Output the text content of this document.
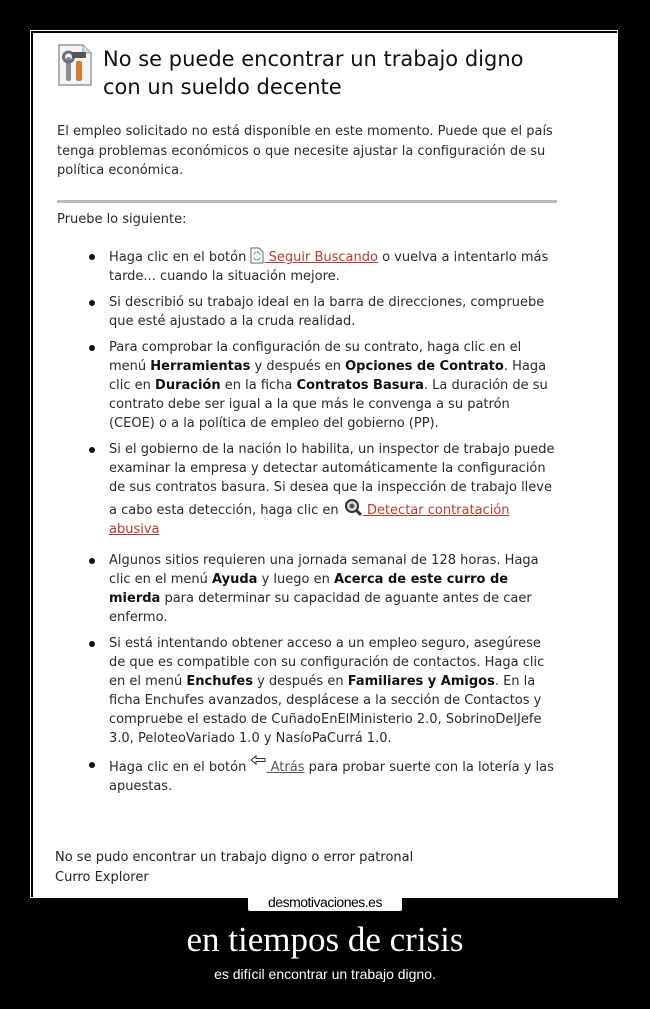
No se puede encontrar un trabajo digno con un sueldo decente
El empleo solicitado no está disponible en este momento. Puede que el país tenga problemas económicos o que necesite ajustar la configuración de su política económica.
Pruebe lo siguiente:
Haga clic en el botón  Seguir Buscando o vuelva a intentarlo más tarde... cuando la situación mejore.
Si describió su trabajo ideal en la barra de direcciones, compruebe que esté ajustado a la cruda realidad.
Para comprobar la configuración de su contrato, haga clic en el menú Herramientas y después en Opciones de Contrato. Haga clic en Duración en la ficha Contratos Basura. La duración de su contrato debe ser igual a la que más le convenga a su patrón (CEOE) o a la política de empleo del gobierno (PP).
Si el gobierno de la nación lo habilita, un inspector de trabajo puede examinar la empresa y detectar automáticamente la configuración de sus contratos basura. Si desea que la inspección de trabajo lleve a cabo esta detección, haga clic en  Detectar contratación abusiva
Algunos sitios requieren una jornada semanal de 128 horas. Haga clic en el menú Ayuda y luego en Acerca de este curro de mierda para determinar su capacidad de aguante antes de caer enfermo.
Si está intentando obtener acceso a un empleo seguro, asegúrese de que es compatible con su configuración de contactos. Haga clic en el menú Enchufes y después en Familiares y Amigos. En la ficha Enchufes avanzados, desplácese a la sección de Contactos y compruebe el estado de CuñadoEnElMinisterio 2.0, SobrinoDelJefe 3.0, PeloteoVariado 1.0 y NasíoPaCurrá 1.0.
Haga clic en el botón  Atrás para probar suerte con la lotería y las apuestas.
No se pudo encontrar un trabajo digno o error patronal
Curro Explorer
desmotivaciones.es
en tiempos de crisis
es difícil encontrar un trabajo digno.
